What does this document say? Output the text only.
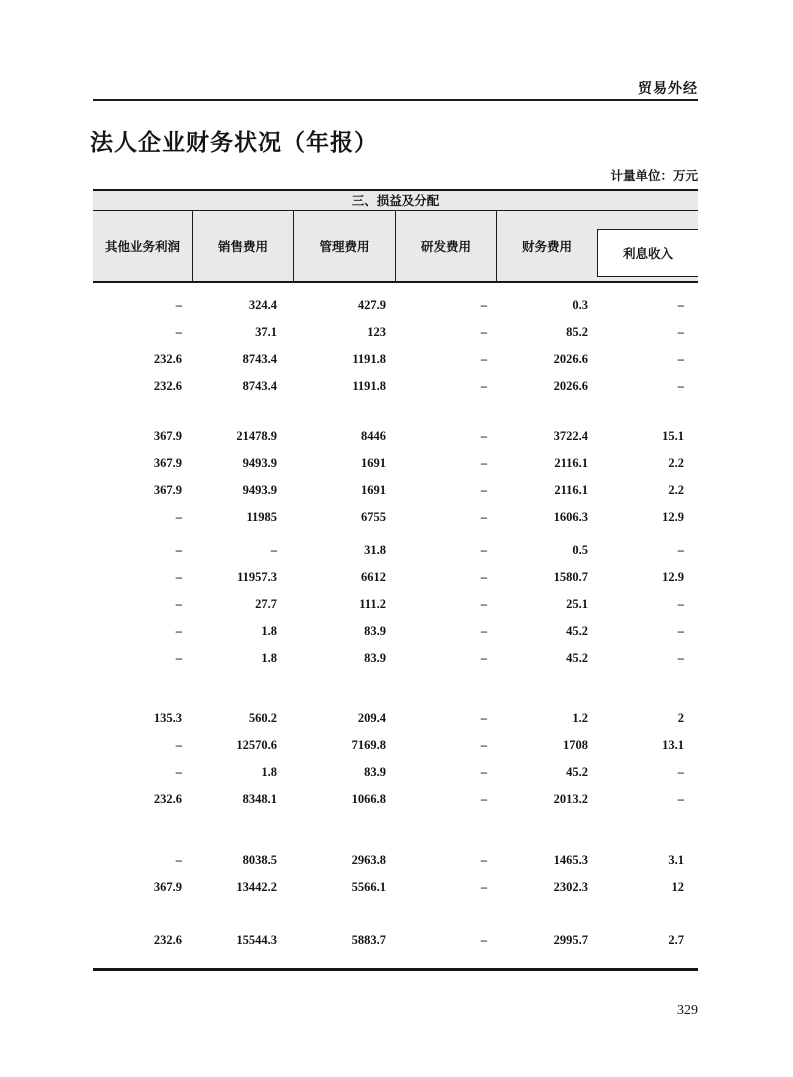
贸易外经
法人企业财务状况（年报）
计量单位：万元
三、损益及分配
其他业务利润	销售费用	管理费用	研发费用	财务费用	利息收入
–	324.4	427.9	–	0.3	–
–	37.1	123	–	85.2	–
232.6	8743.4	1191.8	–	2026.6	–
232.6	8743.4	1191.8	–	2026.6	–
367.9	21478.9	8446	–	3722.4	15.1
367.9	9493.9	1691	–	2116.1	2.2
367.9	9493.9	1691	–	2116.1	2.2
–	11985	6755	–	1606.3	12.9
–	–	31.8	–	0.5	–
–	11957.3	6612	–	1580.7	12.9
–	27.7	111.2	–	25.1	–
–	1.8	83.9	–	45.2	–
–	1.8	83.9	–	45.2	–
135.3	560.2	209.4	–	1.2	2
–	12570.6	7169.8	–	1708	13.1
–	1.8	83.9	–	45.2	–
232.6	8348.1	1066.8	–	2013.2	–
–	8038.5	2963.8	–	1465.3	3.1
367.9	13442.2	5566.1	–	2302.3	12
232.6	15544.3	5883.7	–	2995.7	2.7
329
